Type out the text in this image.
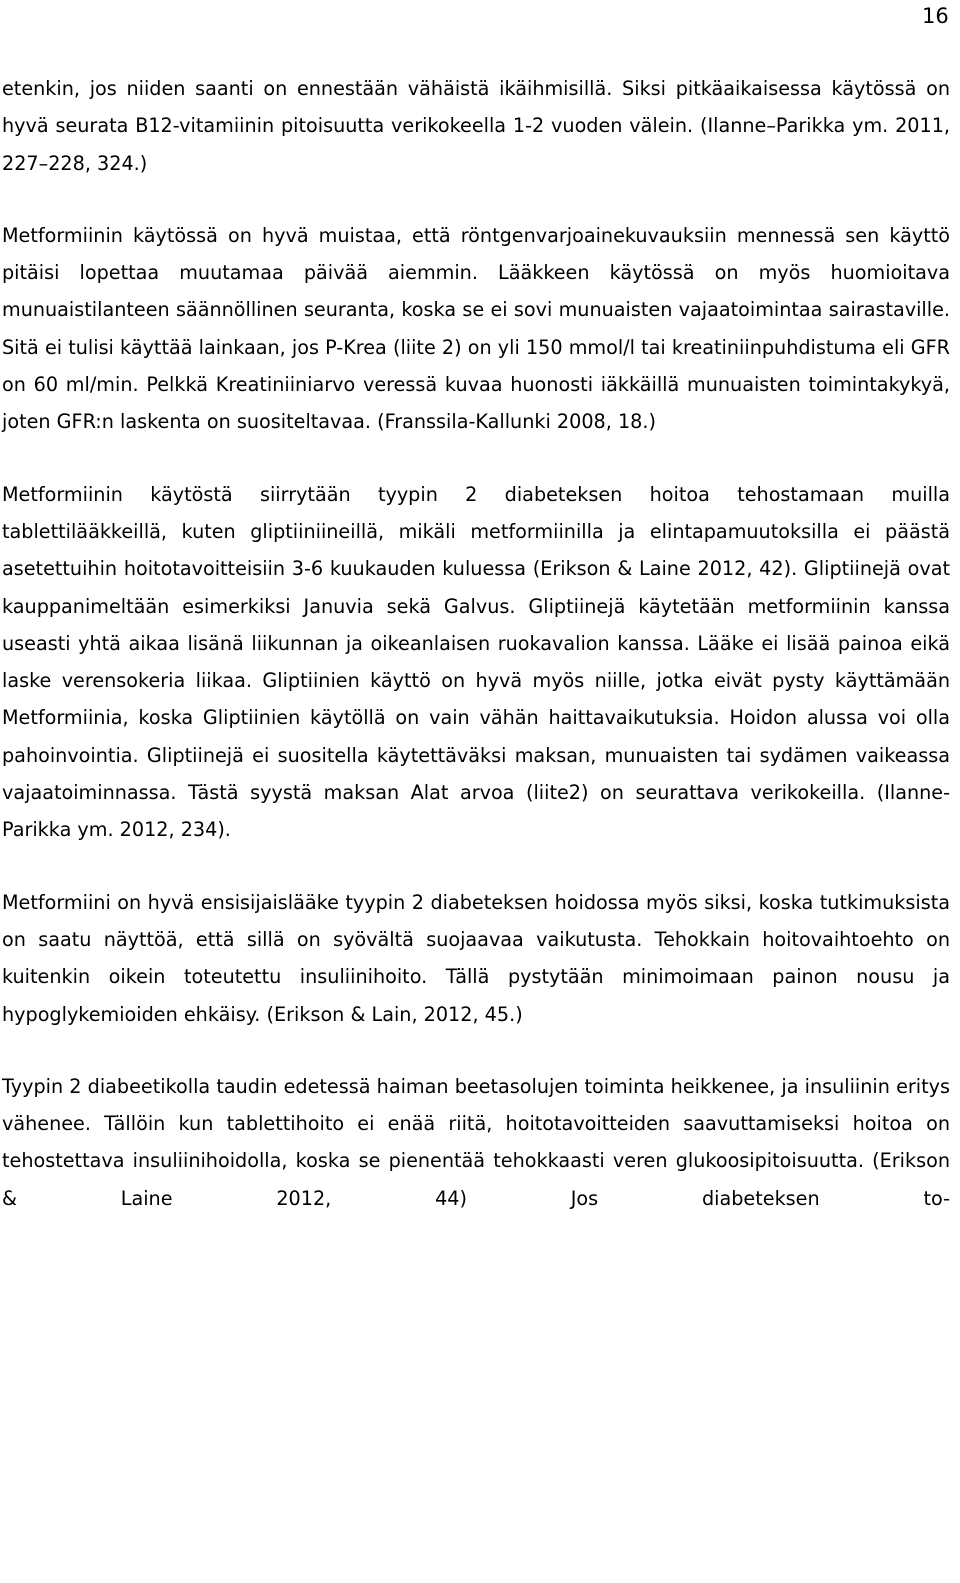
16

etenkin, jos niiden saanti on ennestään vähäistä ikäihmisillä. Siksi pitkäaikaisessa käytössä on hyvä seurata B12-vitamiinin pitoisuutta verikokeella 1-2 vuoden välein. (Ilanne–Parikka ym. 2011, 227–228, 324.)

Metformiinin käytössä on hyvä muistaa, että röntgenvarjoainekuvauksiin mennessä sen käyttö pitäisi lopettaa muutamaa päivää aiemmin. Lääkkeen käytössä on myös huomioitava munuaistilanteen säännöllinen seuranta, koska se ei sovi munuaisten vajaatoimintaa sairastaville. Sitä ei tulisi käyttää lainkaan, jos P-Krea (liite 2) on yli 150 mmol/l tai kreatiniinpuhdistuma eli GFR on 60 ml/min. Pelkkä Kreatiniiniarvo veressä kuvaa huonosti iäkkäillä munuaisten toimintakykyä, joten GFR:n laskenta on suositeltavaa. (Franssila-Kallunki 2008, 18.)

Metformiinin käytöstä siirrytään tyypin 2 diabeteksen hoitoa tehostamaan muilla tablettilääkkeillä, kuten gliptiiniineillä, mikäli metformiinilla ja elintapamuutoksilla ei päästä asetettuihin hoitotavoitteisiin 3-6 kuukauden kuluessa (Erikson & Laine 2012, 42). Gliptiinejä ovat kauppanimeltään esimerkiksi Januvia sekä Galvus. Gliptiinejä käytetään metformiinin kanssa useasti yhtä aikaa lisänä liikunnan ja oikeanlaisen ruokavalion kanssa. Lääke ei lisää painoa eikä laske verensokeria liikaa. Gliptiinien käyttö on hyvä myös niille, jotka eivät pysty käyttämään Metformiinia, koska Gliptiinien käytöllä on vain vähän haittavaikutuksia. Hoidon alussa voi olla pahoinvointia. Gliptiinejä ei suositella käytettäväksi maksan, munuaisten tai sydämen vaikeassa vajaatoiminnassa. Tästä syystä maksan Alat arvoa (liite2) on seurattava verikokeilla. (Ilanne-Parikka ym. 2012, 234).

Metformiini on hyvä ensisijaislääke tyypin 2 diabeteksen hoidossa myös siksi, koska tutkimuksista on saatu näyttöä, että sillä on syövältä suojaavaa vaikutusta. Tehokkain hoitovaihtoehto on kuitenkin oikein toteutettu insuliinihoito. Tällä pystytään minimoimaan painon nousu ja hypoglykemioiden ehkäisy. (Erikson & Lain, 2012, 45.)

Tyypin 2 diabeetikolla taudin edetessä haiman beetasolujen toiminta heikkenee, ja insuliinin eritys vähenee. Tällöin kun tablettihoito ei enää riitä, hoitotavoitteiden saavuttamiseksi hoitoa on tehostettava insuliinihoidolla, koska se pienentää tehokkaasti veren glukoosipitoisuutta. (Erikson & Laine 2012, 44) Jos diabeteksen to-
